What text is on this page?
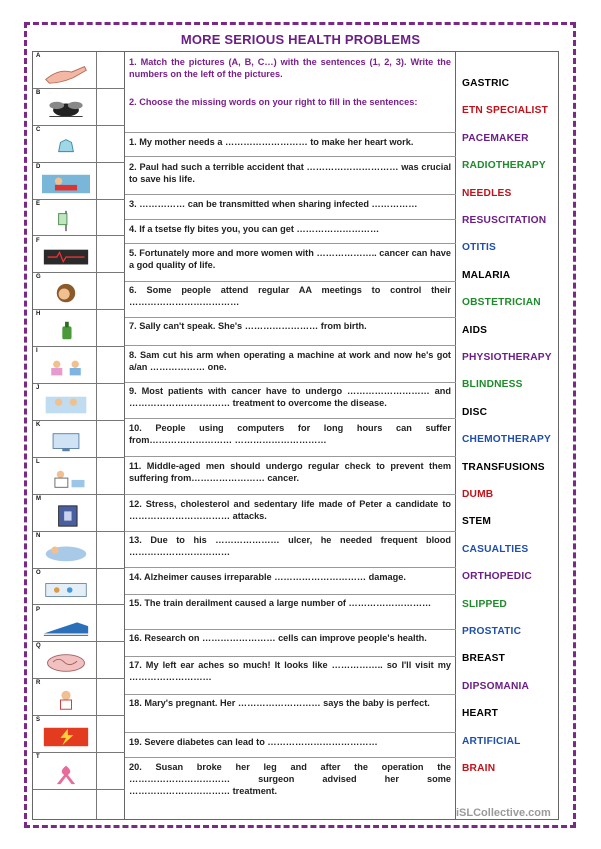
MORE SERIOUS HEALTH PROBLEMS
A
B
C
D
E
F
G
H
I
J
K
L
M
N
O
P
Q
R
S
T
1. Match the pictures (A, B, C…) with the sentences (1, 2, 3). Write the numbers on the left of the pictures.
2. Choose the missing words on your right to fill in the sentences:
1. My mother needs a ……………………… to make her heart work.
2. Paul had such a terrible accident that ………………………… was crucial to save his life.
3. …………… can be transmitted when sharing infected ……………
4. If a tsetse fly bites you, you can get ………………………
5. Fortunately more and more women with ……………….. cancer can have a god quality of life.
6. Some people attend regular AA meetings to control their ………………………………
7. Sally can't speak. She's …………………… from birth.
8. Sam cut his arm when operating a machine at work and now he's got a/an ……………… one.
9. Most patients with cancer have to undergo ……………………… and …………………………… treatment to overcome the disease.
10. People using computers for long hours can suffer from……………………… …………………………
11. Middle-aged men should undergo regular check to prevent them suffering from…………………… cancer.
12. Stress, cholesterol and sedentary life made of Peter a candidate to …………………………… attacks.
13. Due to his ………………… ulcer, he needed frequent blood ……………………………
14. Alzheimer causes irreparable ………………………… damage.
15. The train derailment caused a large number of ………………………
16. Research on …………………… cells can improve people's health.
17. My left ear aches so much! It looks like …………….. so I'll visit my ………………………
18. Mary's pregnant. Her ……………………… says the baby is perfect.
19. Severe diabetes can lead to ………………………………
20. Susan broke her leg and after the operation the …………………………… surgeon advised her some …………………………… treatment.
GASTRIC
ETN SPECIALIST
PACEMAKER
RADIOTHERAPY
NEEDLES
RESUSCITATION
OTITIS
MALARIA
OBSTETRICIAN
AIDS
PHYSIOTHERAPY
BLINDNESS
DISC
CHEMOTHERAPY
TRANSFUSIONS
DUMB
STEM
CASUALTIES
ORTHOPEDIC
SLIPPED
PROSTATIC
BREAST
DIPSOMANIA
HEART
ARTIFICIAL
BRAIN
iSLCollective.com
